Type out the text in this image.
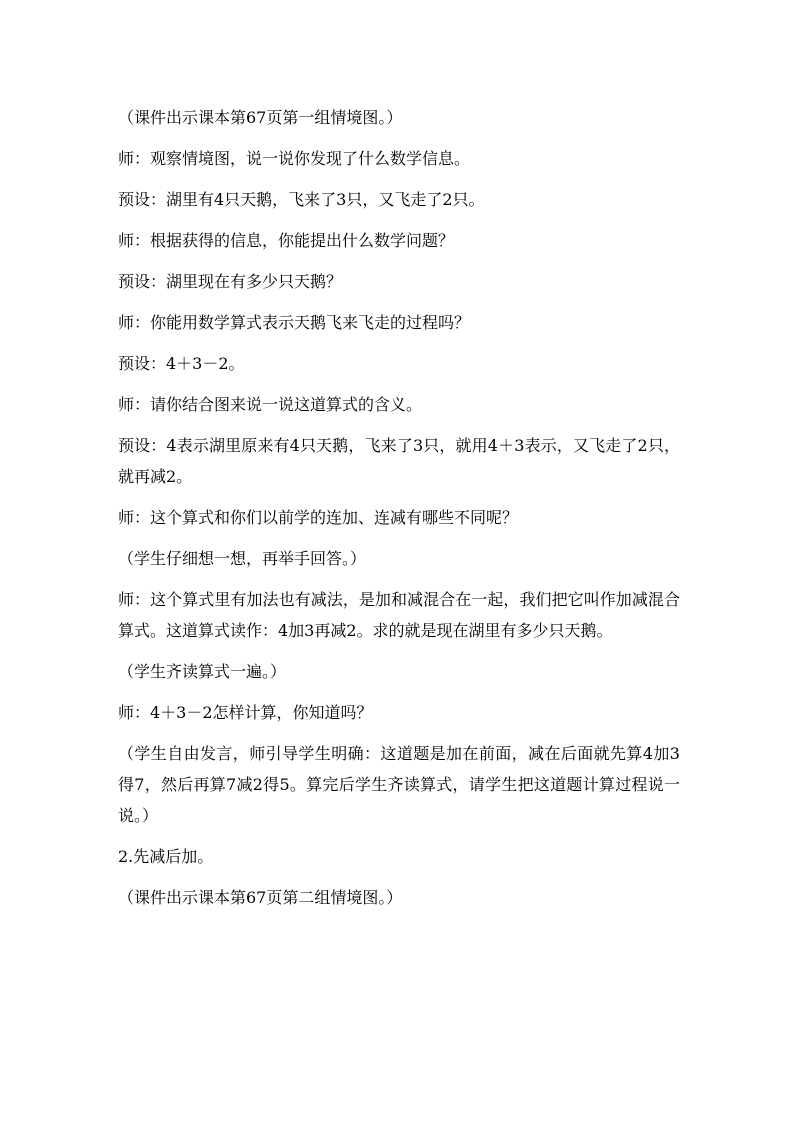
（课件出示课本第67页第一组情境图。）

师：观察情境图，说一说你发现了什么数学信息。

预设：湖里有4只天鹅，飞来了3只，又飞走了2只。

师：根据获得的信息，你能提出什么数学问题？

预设：湖里现在有多少只天鹅？

师：你能用数学算式表示天鹅飞来飞走的过程吗？

预设：4＋3－2。

师：请你结合图来说一说这道算式的含义。

预设：4表示湖里原来有4只天鹅，飞来了3只，就用4＋3表示，又飞走了2只，就再减2。

师：这个算式和你们以前学的连加、连减有哪些不同呢？

（学生仔细想一想，再举手回答。）

师：这个算式里有加法也有减法，是加和减混合在一起，我们把它叫作加减混合算式。这道算式读作：4加3再减2。求的就是现在湖里有多少只天鹅。

（学生齐读算式一遍。）

师：4＋3－2怎样计算，你知道吗？

（学生自由发言，师引导学生明确：这道题是加在前面，减在后面就先算4加3得7，然后再算7减2得5。算完后学生齐读算式，请学生把这道题计算过程说一说。）

2.先减后加。

（课件出示课本第67页第二组情境图。）
